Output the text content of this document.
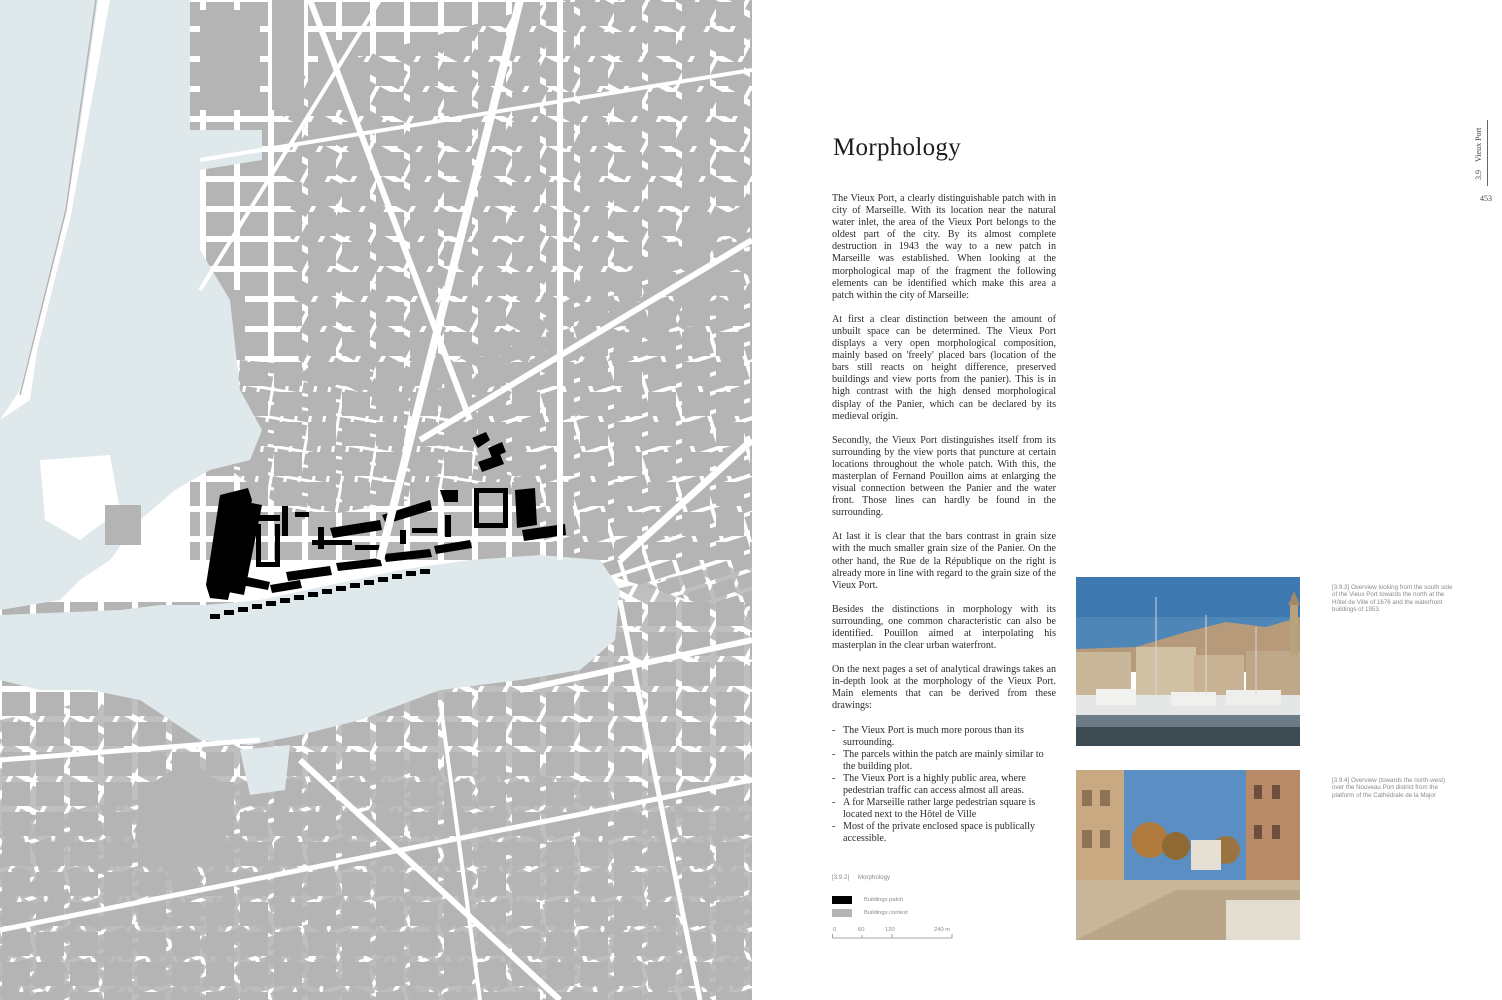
Morphology

The Vieux Port, a clearly distinguishable patch with in city of Marseille. With its location near the natural water inlet, the area of the Vieux Port belongs to the oldest part of the city. By its almost complete destruction in 1943 the way to a new patch in Marseille was established. When looking at the morphological map of the fragment the following elements can be identified which make this area a patch within the city of Marseille:

At first a clear distinction between the amount of unbuilt space can be determined. The Vieux Port displays a very open morphological composition, mainly based on 'freely' placed bars (location of the bars still reacts on height difference, preserved buildings and view ports from the panier). This is in high contrast with the high densed morphological display of the Panier, which can be declared by its medieval origin.

Secondly, the Vieux Port distinguishes itself from its surrounding by the view ports that puncture at certain locations throughout the whole patch. With this, the masterplan of Fernand Pouillon aims at enlarging the visual connection between the Panier and the water front. Those lines can hardly be found in the surrounding.

At last it is clear that the bars contrast in grain size with the much smaller grain size of the Panier. On the other hand, the Rue de la République on the right is already more in line with regard to the grain size of the Vieux Port.

Besides the distinctions in morphology with its surrounding, one common characteristic can also be identified. Pouillon aimed at interpolating his masterplan in the clear urban waterfront.

On the next pages a set of analytical drawings takes an in-depth look at the morphology of the Vieux Port. Main elements that can be derived from these drawings:

- The Vieux Port is much more porous than its surrounding.
- The parcels within the patch are mainly similar to the building plot.
- The Vieux Port is a highly public area, where pedestrian traffic can access almost all areas.
- A for Marseille rather large pedestrian square is located next to the Hôtel de Ville
- Most of the private enclosed space is publically accessible.
[3.9.2] Morphology
Buildings patch
Buildings context
0	60	120	240 m
[3.9.3] Overview looking from the south side of the Vieux Port towards the north at the Hôtel de Ville of 1676 and the waterfront buildings of 1953.
[3.9.4] Overview (towards the north-west) over the Nouveau Port district from the platform of the Cathédrale de la Major
3.9    Vieux Port
453
